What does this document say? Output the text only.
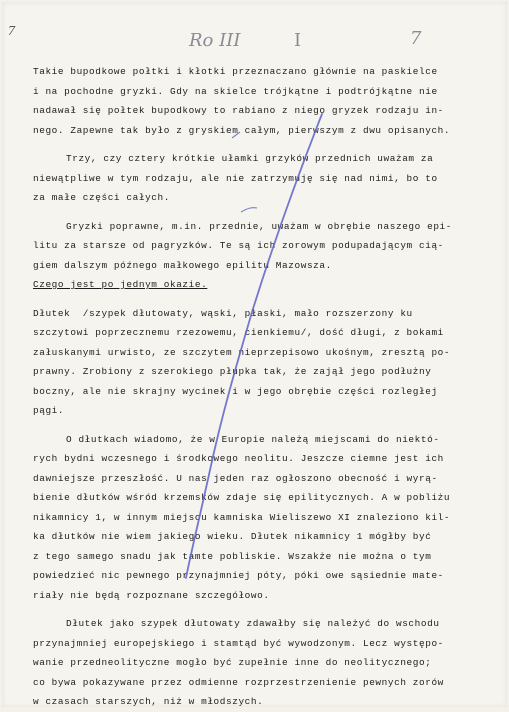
7	Ro III	I	7
Takie bupodkowe połtki i kłotki przeznaczano głównie na paskielce
i na pochodne gryzki. Gdy na skielce trójkątne i podtrójkątne nie
nadawał się połtek bupodkowy to rabiano z niego gryzek rodzaju in-
nego. Zapewne tak było z gryskiem całym, pierwszym z dwu opisanych.
Trzy, czy cztery krótkie ułamki grzyków przednich uważam za
niewątpliwe w tym rodzaju, ale nie zatrzymuję się nad nimi, bo to
za małe części całych.
Gryzki poprawne, m.in. przednie, uważam w obrębie naszego epi-
litu za starsze od pagryzków. Te są ich zorowym podupadającym cią-
giem dalszym późnego małkowego epilitu Mazowsza.
Czego jest po jednym okazie.
Dłutek  /szypek dłutowaty, wąski, płaski, mało rozszerzony ku
szczytowi poprzecznemu rzezowemu, cienkiemu/, dość długi, z bokami
załuskanymi urwisto, ze szczytem nieprzepisowo ukośnym, zresztą po-
prawny. Zrobiony z szerokiego płupka tak, że zajął jego podłużny
boczny, ale nie skrajny wycinek i w jego obrębie części rozległej
pągi.
O dłutkach wiadomo, że w Europie należą miejscami do niektó-
rych bydni wczesnego i środkowego neolitu. Jeszcze ciemne jest ich
dawniejsze przeszłość. U nas jeden raz ogłoszono obecność i wyrą-
bienie dłutków wśród krzemsków zdaje się epilitycznych. A w pobliżu
nikamnicy 1, w innym miejscu kamniska Wieliszewo XI znaleziono kil-
ka dłutków nie wiem jakiego wieku. Dłutek nikamnicy 1 mógłby być
z tego samego snadu jak tamte pobliskie. Wszakże nie można o tym
powiedzieć nic pewnego przynajmniej póty, póki owe sąsiednie mate-
riały nie będą rozpoznane szczegółowo.
Dłutek jako szypek dłutowaty zdawałby się należyć do wschodu
przynajmniej europejskiego i stamtąd być wywodzonym. Lecz występo-
wanie przedneolityczne mogło być zupełnie inne do neolitycznego;
co bywa pokazywane przez odmienne rozprzestrzenienie pewnych zorów
w czasach starszych, niż w młodszych.
